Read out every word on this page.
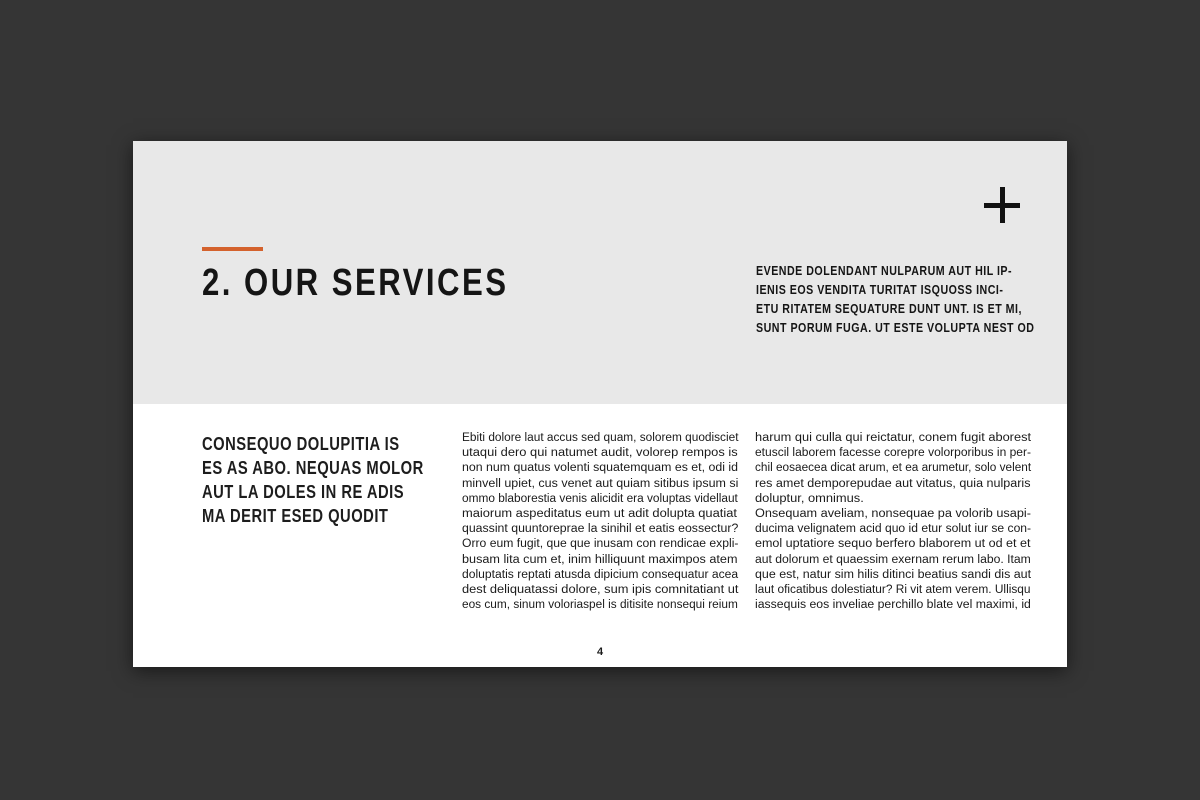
2. OUR SERVICES	EVENDE DOLENDANT NULPARUM AUT HIL IP-
IENIS EOS VENDITA TURITAT ISQUOSS INCI-
ETU RITATEM SEQUATURE DUNT UNT. IS ET MI,
SUNT PORUM FUGA. UT ESTE VOLUPTA NEST OD
CONSEQUO DOLUPITIA IS
ES AS ABO. NEQUAS MOLOR
AUT LA DOLES IN RE ADIS
MA DERIT ESED QUODIT
Ebiti dolore laut accus sed quam, solorem quodisciet
utaqui dero qui natumet audit, volorep rempos is
non num quatus volenti squatemquam es et, odi id
minvell upiet, cus venet aut quiam sitibus ipsum si
ommo blaborestia venis alicidit era voluptas videllaut
maiorum aspeditatus eum ut adit dolupta quatiat
quassint quuntoreprae la sinihil et eatis eossectur?
Orro eum fugit, que que inusam con rendicae expli-
busam lita cum et, inim hilliquunt maximpos atem
doluptatis reptati atusda dipicium consequatur acea
dest deliquatassi dolore, sum ipis comnitatiant ut
eos cum, sinum voloriaspel is ditisite nonsequi reium
harum qui culla qui reictatur, conem fugit aborest
etuscil laborem facesse corepre volorporibus in per-
chil eosaecea dicat arum, et ea arumetur, solo velent
res amet demporepudae aut vitatus, quia nulparis
doluptur, omnimus.
Onsequam aveliam, nonsequae pa volorib usapi-
ducima velignatem acid quo id etur solut iur se con-
emol uptatiore sequo berfero blaborem ut od et et
aut dolorum et quaessim exernam rerum labo. Itam
que est, natur sim hilis ditinci beatius sandi dis aut
laut oficatibus dolestiatur? Ri vit atem verem. Ullisqu
iassequis eos inveliae perchillo blate vel maximi, id
4
